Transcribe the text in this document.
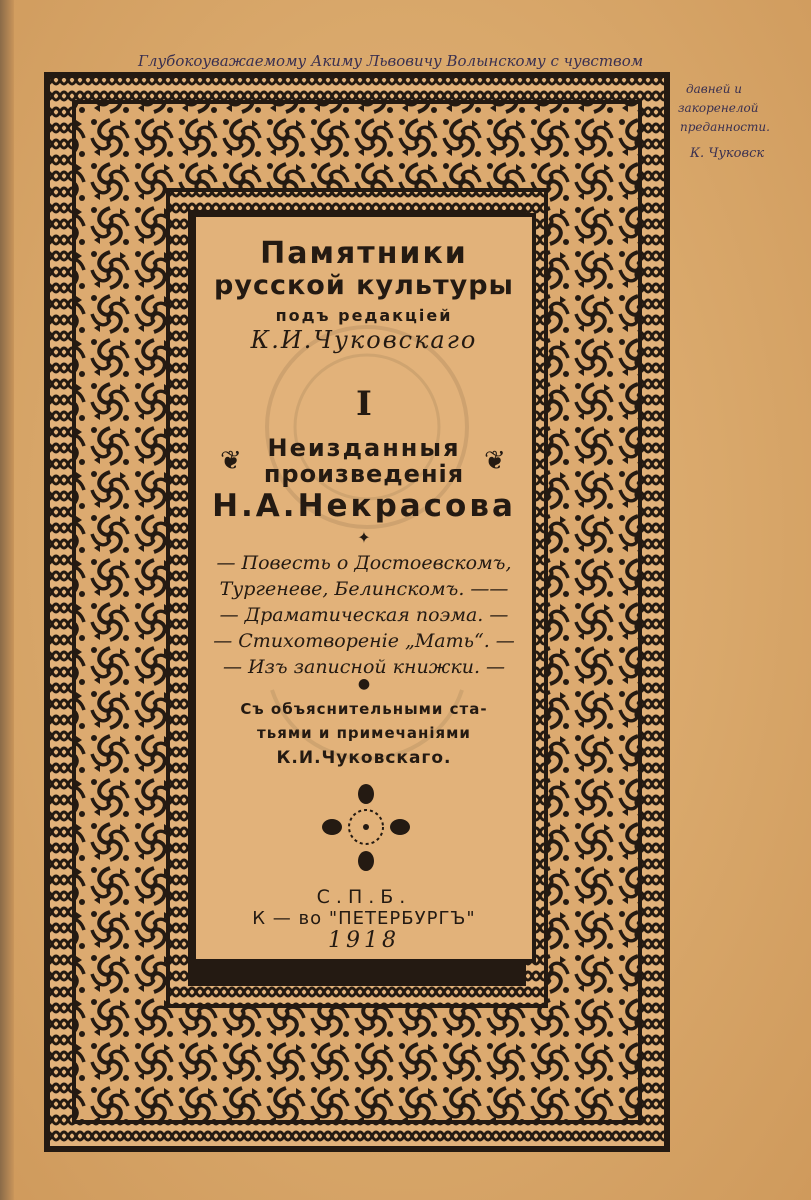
Глубокоуважаемому Акиму Львовичу Волынскому с чувством
давней и
закоренелой
преданности.
К. Чуковск
Памятники
русской культуры
подъ редакціей
К.И.Чуковскаго
I
❦	❦
Неизданныя
произведенія
Н.А.Некрасова
✦
— Повесть о Достоевскомъ,
Тургеневе, Белинскомъ. ——
— Драматическая поэма. —
— Стихотвореніе „Мать“. —
— Изъ записной книжки. —
●
Съ объяснительными ста-
тьями и примечаніями
К.И.Чуковскаго.
С.П.Б.
К — во "ПЕТЕРБУРГЪ"
1918
